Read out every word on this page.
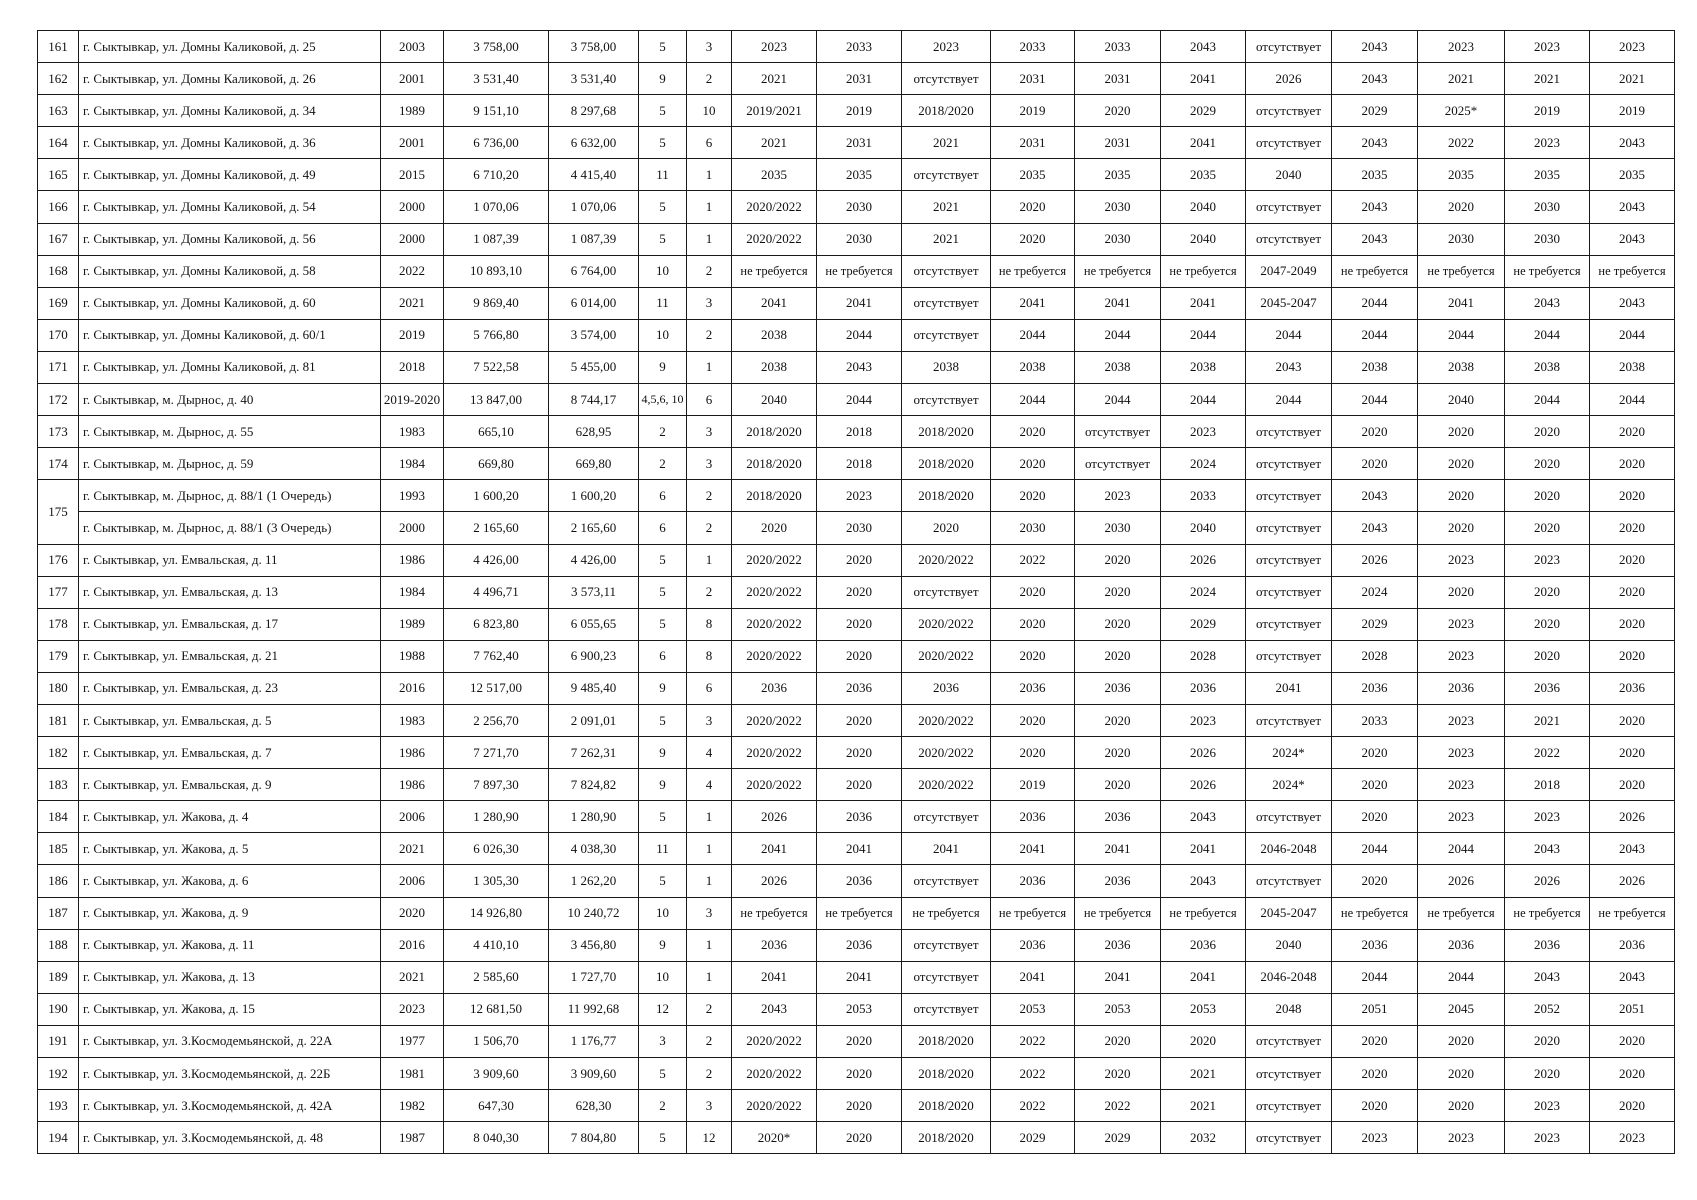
161	г. Сыктывкар, ул. Домны Каликовой, д. 25	2003	3 758,00	3 758,00	5	3	2023	2033	2023	2033	2033	2043	отсутствует	2043	2023	2023	2023
162	г. Сыктывкар, ул. Домны Каликовой, д. 26	2001	3 531,40	3 531,40	9	2	2021	2031	отсутствует	2031	2031	2041	2026	2043	2021	2021	2021
163	г. Сыктывкар, ул. Домны Каликовой, д. 34	1989	9 151,10	8 297,68	5	10	2019/2021	2019	2018/2020	2019	2020	2029	отсутствует	2029	2025*	2019	2019
164	г. Сыктывкар, ул. Домны Каликовой, д. 36	2001	6 736,00	6 632,00	5	6	2021	2031	2021	2031	2031	2041	отсутствует	2043	2022	2023	2043
165	г. Сыктывкар, ул. Домны Каликовой, д. 49	2015	6 710,20	4 415,40	11	1	2035	2035	отсутствует	2035	2035	2035	2040	2035	2035	2035	2035
166	г. Сыктывкар, ул. Домны Каликовой, д. 54	2000	1 070,06	1 070,06	5	1	2020/2022	2030	2021	2020	2030	2040	отсутствует	2043	2020	2030	2043
167	г. Сыктывкар, ул. Домны Каликовой, д. 56	2000	1 087,39	1 087,39	5	1	2020/2022	2030	2021	2020	2030	2040	отсутствует	2043	2030	2030	2043
168	г. Сыктывкар, ул. Домны Каликовой, д. 58	2022	10 893,10	6 764,00	10	2	не требуется	не требуется	отсутствует	не требуется	не требуется	не требуется	2047-2049	не требуется	не требуется	не требуется	не требуется
169	г. Сыктывкар, ул. Домны Каликовой, д. 60	2021	9 869,40	6 014,00	11	3	2041	2041	отсутствует	2041	2041	2041	2045-2047	2044	2041	2043	2043
170	г. Сыктывкар, ул. Домны Каликовой, д. 60/1	2019	5 766,80	3 574,00	10	2	2038	2044	отсутствует	2044	2044	2044	2044	2044	2044	2044	2044
171	г. Сыктывкар, ул. Домны Каликовой, д. 81	2018	7 522,58	5 455,00	9	1	2038	2043	2038	2038	2038	2038	2043	2038	2038	2038	2038
172	г. Сыктывкар, м. Дырнос, д. 40	2019-2020	13 847,00	8 744,17	4,5,6, 10	6	2040	2044	отсутствует	2044	2044	2044	2044	2044	2040	2044	2044
173	г. Сыктывкар, м. Дырнос, д. 55	1983	665,10	628,95	2	3	2018/2020	2018	2018/2020	2020	отсутствует	2023	отсутствует	2020	2020	2020	2020
174	г. Сыктывкар, м. Дырнос, д. 59	1984	669,80	669,80	2	3	2018/2020	2018	2018/2020	2020	отсутствует	2024	отсутствует	2020	2020	2020	2020
175	г. Сыктывкар, м. Дырнос, д. 88/1 (1 Очередь)	1993	1 600,20	1 600,20	6	2	2018/2020	2023	2018/2020	2020	2023	2033	отсутствует	2043	2020	2020	2020
	г. Сыктывкар, м. Дырнос, д. 88/1 (3 Очередь)	2000	2 165,60	2 165,60	6	2	2020	2030	2020	2030	2030	2040	отсутствует	2043	2020	2020	2020
176	г. Сыктывкар, ул. Емвальская, д. 11	1986	4 426,00	4 426,00	5	1	2020/2022	2020	2020/2022	2022	2020	2026	отсутствует	2026	2023	2023	2020
177	г. Сыктывкар, ул. Емвальская, д. 13	1984	4 496,71	3 573,11	5	2	2020/2022	2020	отсутствует	2020	2020	2024	отсутствует	2024	2020	2020	2020
178	г. Сыктывкар, ул. Емвальская, д. 17	1989	6 823,80	6 055,65	5	8	2020/2022	2020	2020/2022	2020	2020	2029	отсутствует	2029	2023	2020	2020
179	г. Сыктывкар, ул. Емвальская, д. 21	1988	7 762,40	6 900,23	6	8	2020/2022	2020	2020/2022	2020	2020	2028	отсутствует	2028	2023	2020	2020
180	г. Сыктывкар, ул. Емвальская, д. 23	2016	12 517,00	9 485,40	9	6	2036	2036	2036	2036	2036	2036	2041	2036	2036	2036	2036
181	г. Сыктывкар, ул. Емвальская, д. 5	1983	2 256,70	2 091,01	5	3	2020/2022	2020	2020/2022	2020	2020	2023	отсутствует	2033	2023	2021	2020
182	г. Сыктывкар, ул. Емвальская, д. 7	1986	7 271,70	7 262,31	9	4	2020/2022	2020	2020/2022	2020	2020	2026	2024*	2020	2023	2022	2020
183	г. Сыктывкар, ул. Емвальская, д. 9	1986	7 897,30	7 824,82	9	4	2020/2022	2020	2020/2022	2019	2020	2026	2024*	2020	2023	2018	2020
184	г. Сыктывкар, ул. Жакова, д. 4	2006	1 280,90	1 280,90	5	1	2026	2036	отсутствует	2036	2036	2043	отсутствует	2020	2023	2023	2026
185	г. Сыктывкар, ул. Жакова, д. 5	2021	6 026,30	4 038,30	11	1	2041	2041	2041	2041	2041	2041	2046-2048	2044	2044	2043	2043
186	г. Сыктывкар, ул. Жакова, д. 6	2006	1 305,30	1 262,20	5	1	2026	2036	отсутствует	2036	2036	2043	отсутствует	2020	2026	2026	2026
187	г. Сыктывкар, ул. Жакова, д. 9	2020	14 926,80	10 240,72	10	3	не требуется	не требуется	не требуется	не требуется	не требуется	не требуется	2045-2047	не требуется	не требуется	не требуется	не требуется
188	г. Сыктывкар, ул. Жакова, д. 11	2016	4 410,10	3 456,80	9	1	2036	2036	отсутствует	2036	2036	2036	2040	2036	2036	2036	2036
189	г. Сыктывкар, ул. Жакова, д. 13	2021	2 585,60	1 727,70	10	1	2041	2041	отсутствует	2041	2041	2041	2046-2048	2044	2044	2043	2043
190	г. Сыктывкар, ул. Жакова, д. 15	2023	12 681,50	11 992,68	12	2	2043	2053	отсутствует	2053	2053	2053	2048	2051	2045	2052	2051
191	г. Сыктывкар, ул. З.Космодемьянской, д. 22А	1977	1 506,70	1 176,77	3	2	2020/2022	2020	2018/2020	2022	2020	2020	отсутствует	2020	2020	2020	2020
192	г. Сыктывкар, ул. З.Космодемьянской, д. 22Б	1981	3 909,60	3 909,60	5	2	2020/2022	2020	2018/2020	2022	2020	2021	отсутствует	2020	2020	2020	2020
193	г. Сыктывкар, ул. З.Космодемьянской, д. 42А	1982	647,30	628,30	2	3	2020/2022	2020	2018/2020	2022	2022	2021	отсутствует	2020	2020	2023	2020
194	г. Сыктывкар, ул. З.Космодемьянской, д. 48	1987	8 040,30	7 804,80	5	12	2020*	2020	2018/2020	2029	2029	2032	отсутствует	2023	2023	2023	2023
